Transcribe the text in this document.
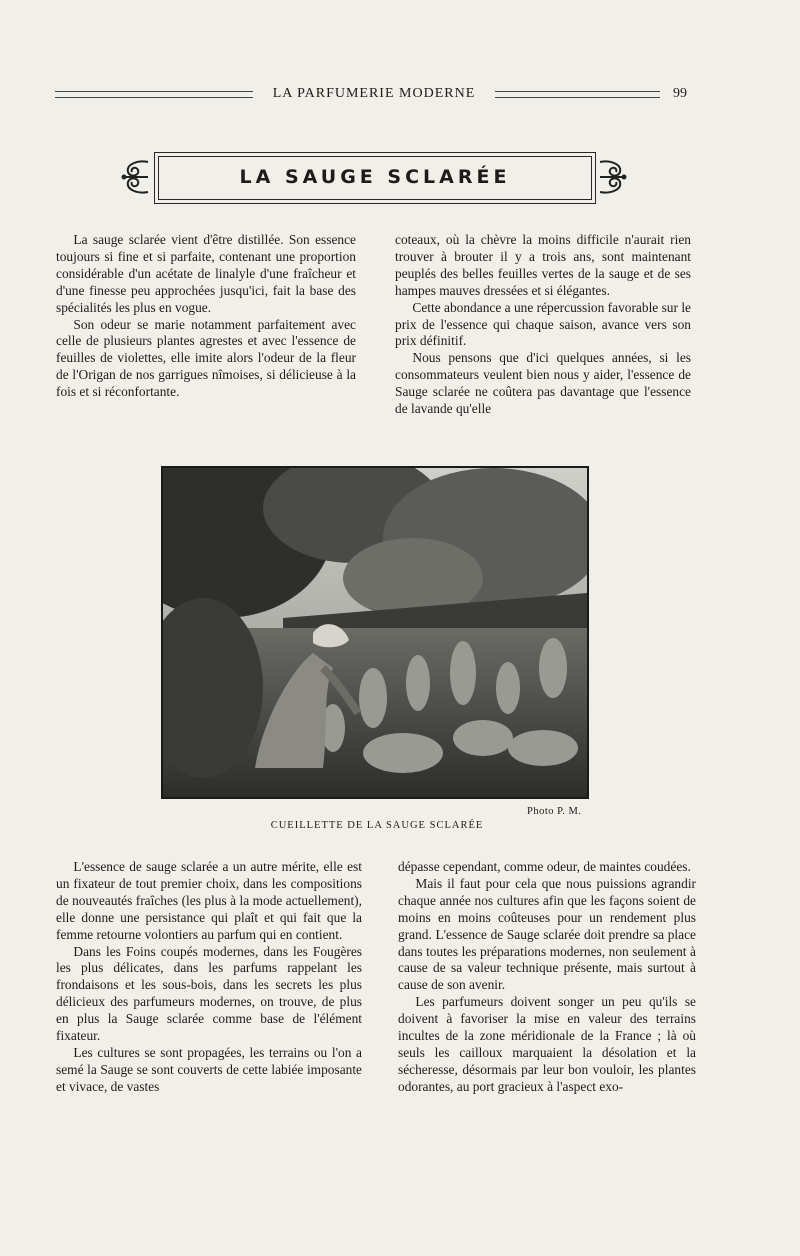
LA PARFUMERIE MODERNE	99
LA SAUGE SCLARÉE

La sauge sclarée vient d'être distillée. Son essence toujours si fine et si parfaite, contenant une proportion considérable d'un acétate de linalyle d'une fraîcheur et d'une finesse peu approchées jusqu'ici, fait la base des spécialités les plus en vogue.

Son odeur se marie notamment parfaitement avec celle de plusieurs plantes agrestes et avec l'essence de feuilles de violettes, elle imite alors l'odeur de la fleur de l'Origan de nos garrigues nîmoises, si délicieuse à la fois et si réconfortante.

coteaux, où la chèvre la moins difficile n'aurait rien trouver à brouter il y a trois ans, sont maintenant peuplés des belles feuilles vertes de la sauge et de ses hampes mauves dressées et si élégantes.

Cette abondance a une répercussion favorable sur le prix de l'essence qui chaque saison, avance vers son prix définitif.

Nous pensons que d'ici quelques années, si les consommateurs veulent bien nous y aider, l'essence de Sauge sclarée ne coûtera pas davantage que l'essence de lavande qu'elle

Photo P. M.
CUEILLETTE DE LA SAUGE SCLARÉE

L'essence de sauge sclarée a un autre mérite, elle est un fixateur de tout premier choix, dans les compositions de nouveautés fraîches (les plus à la mode actuellement), elle donne une persistance qui plaît et qui fait que la femme retourne volontiers au parfum qui en contient.

Dans les Foins coupés modernes, dans les Fougères les plus délicates, dans les parfums rappelant les frondaisons et les sous-bois, dans les secrets les plus délicieux des parfumeurs modernes, on trouve, de plus en plus la Sauge sclarée comme base de l'élément fixateur.

Les cultures se sont propagées, les terrains ou l'on a semé la Sauge se sont couverts de cette labiée imposante et vivace, de vastes

dépasse cependant, comme odeur, de maintes coudées.

Mais il faut pour cela que nous puissions agrandir chaque année nos cultures afin que les façons soient de moins en moins coûteuses pour un rendement plus grand. L'essence de Sauge sclarée doit prendre sa place dans toutes les préparations modernes, non seulement à cause de sa valeur technique présente, mais surtout à cause de son avenir.

Les parfumeurs doivent songer un peu qu'ils se doivent à favoriser la mise en valeur des terrains incultes de la zone méridionale de la France ; là où seuls les cailloux marquaient la désolation et la sécheresse, désormais par leur bon vouloir, les plantes odorantes, au port gracieux à l'aspect exo-
